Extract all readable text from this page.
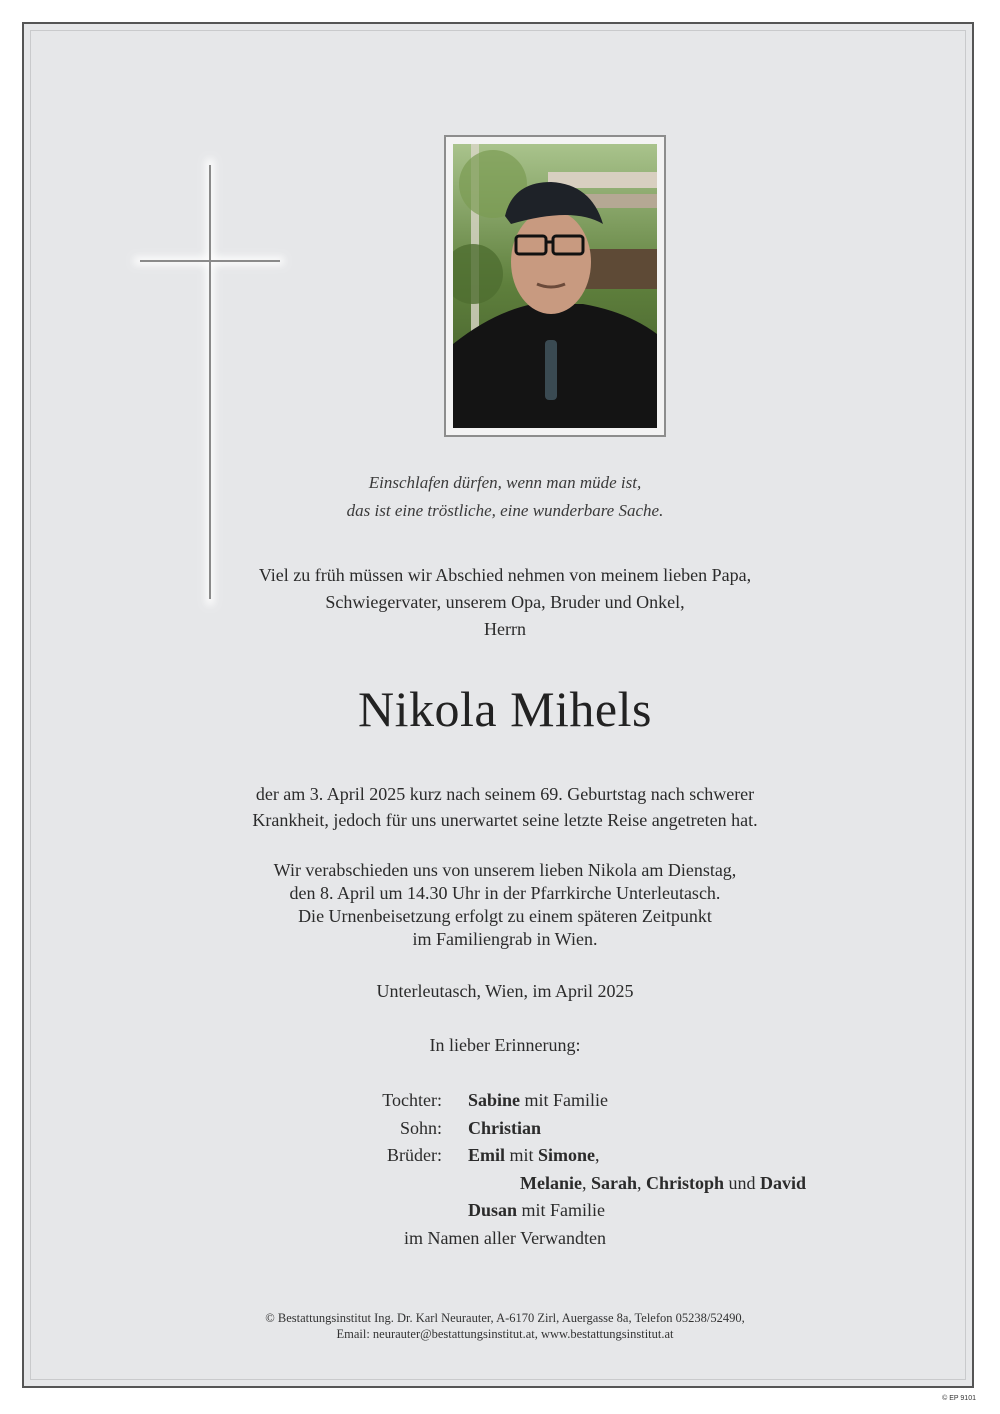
Einschlafen dürfen, wenn man müde ist,
das ist eine tröstliche, eine wunderbare Sache.
Viel zu früh müssen wir Abschied nehmen von meinem lieben Papa,
Schwiegervater, unserem Opa, Bruder und Onkel,
Herrn
Nikola Mihels
der am 3. April 2025 kurz nach seinem 69. Geburtstag nach schwerer
Krankheit, jedoch für uns unerwartet seine letzte Reise angetreten hat.
Wir verabschieden uns von unserem lieben Nikola am Dienstag,
den 8. April um 14.30 Uhr in der Pfarrkirche Unterleutasch.
Die Urnenbeisetzung erfolgt zu einem späteren Zeitpunkt
im Familiengrab in Wien.
Unterleutasch, Wien, im April 2025
In lieber Erinnerung:
Tochter: Sabine mit Familie
Sohn: Christian
Brüder: Emil mit Simone,
Melanie, Sarah, Christoph und David
Dusan mit Familie
im Namen aller Verwandten
© Bestattungsinstitut Ing. Dr. Karl Neurauter, A-6170 Zirl, Auergasse 8a, Telefon 05238/52490,
Email: neurauter@bestattungsinstitut.at, www.bestattungsinstitut.at
© EP 9101
